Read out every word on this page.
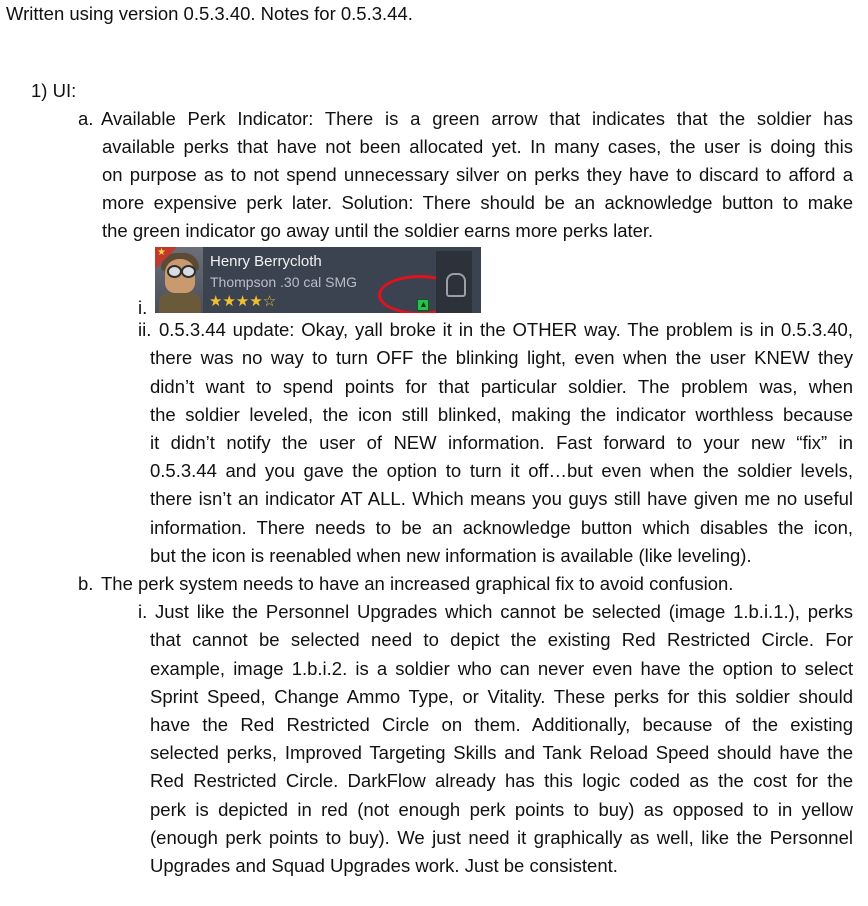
Written using version 0.5.3.40. Notes for 0.5.3.44.
1) UI:
a. Available Perk Indicator: There is a green arrow that indicates that the soldier has
available perks that have not been allocated yet. In many cases, the user is doing this
on purpose as to not spend unnecessary silver on perks they have to discard to afford a
more expensive perk later. Solution: There should be an acknowledge button to make
the green indicator go away until the soldier earns more perks later.
i.
★
Henry Berrycloth
Thompson .30 cal SMG
★★★★☆	▲
ii. 0.5.3.44 update: Okay, yall broke it in the OTHER way. The problem is in 0.5.3.40,
there was no way to turn OFF the blinking light, even when the user KNEW they
didn’t want to spend points for that particular soldier. The problem was, when
the soldier leveled, the icon still blinked, making the indicator worthless because
it didn’t notify the user of NEW information. Fast forward to your new “fix” in
0.5.3.44 and you gave the option to turn it off…but even when the soldier levels,
there isn’t an indicator AT ALL. Which means you guys still have given me no useful
information. There needs to be an acknowledge button which disables the icon,
but the icon is reenabled when new information is available (like leveling).
b. The perk system needs to have an increased graphical fix to avoid confusion.
i. Just like the Personnel Upgrades which cannot be selected (image 1.b.i.1.), perks
that cannot be selected need to depict the existing Red Restricted Circle. For
example, image 1.b.i.2. is a soldier who can never even have the option to select
Sprint Speed, Change Ammo Type, or Vitality. These perks for this soldier should
have the Red Restricted Circle on them. Additionally, because of the existing
selected perks, Improved Targeting Skills and Tank Reload Speed should have the
Red Restricted Circle. DarkFlow already has this logic coded as the cost for the
perk is depicted in red (not enough perk points to buy) as opposed to in yellow
(enough perk points to buy). We just need it graphically as well, like the Personnel
Upgrades and Squad Upgrades work. Just be consistent.
